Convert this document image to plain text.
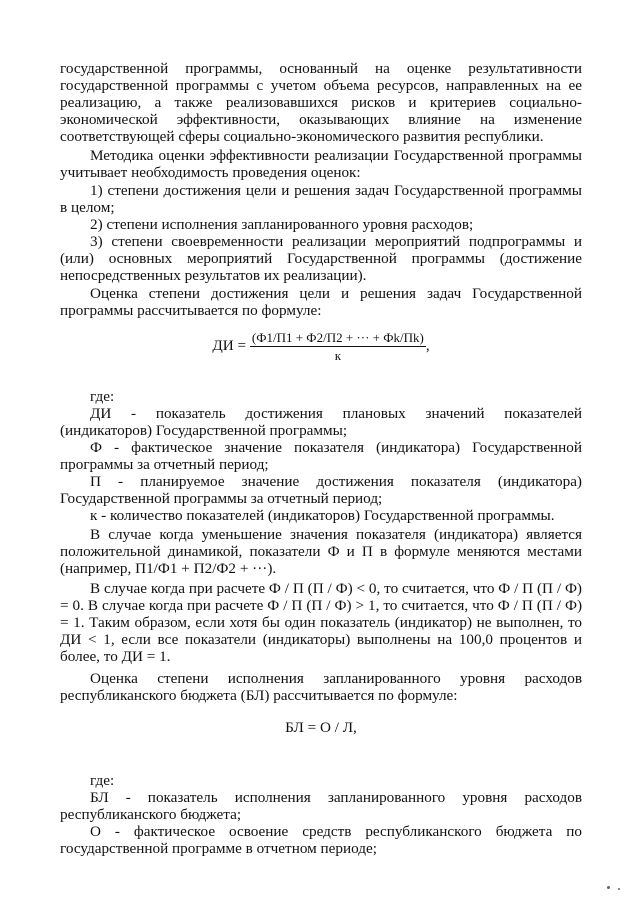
государственной программы, основанный на оценке результативности государственной программы с учетом объема ресурсов, направленных на ее реализацию, а также реализовавшихся рисков и критериев социально-экономической эффективности, оказывающих влияние на изменение соответствующей сферы социально-экономического развития республики.

Методика оценки эффективности реализации Государственной программы учитывает необходимость проведения оценок:

1) степени достижения цели и решения задач Государственной программы в целом;

2) степени исполнения запланированного уровня расходов;

3) степени своевременности реализации мероприятий подпрограммы и (или) основных мероприятий Государственной программы (достижение непосредственных результатов их реализации).

Оценка степени достижения цели и решения задач Государственной программы рассчитывается по формуле:

ДИ = $\frac{(Ф1/П1 + Ф2/П2 + \cdot\cdot\cdot + Фk/Пk)}{к}$ ,

где:

ДИ - показатель достижения плановых значений показателей (индикаторов) Государственной программы;

Ф - фактическое значение показателя (индикатора) Государственной программы за отчетный период;

П - планируемое значение достижения показателя (индикатора) Государственной программы за отчетный период;

к - количество показателей (индикаторов) Государственной программы.

В случае когда уменьшение значения показателя (индикатора) является положительной динамикой, показатели Ф и П в формуле меняются местами (например, П1/Ф1 + П2/Ф2 + ···).

В случае когда при расчете Ф / П (П / Ф) < 0, то считается, что Ф / П (П / Ф) = 0. В случае когда при расчете Ф / П (П / Ф) > 1, то считается, что Ф / П (П / Ф) = 1. Таким образом, если хотя бы один показатель (индикатор) не выполнен, то ДИ < 1, если все показатели (индикаторы) выполнены на 100,0 процентов и более, то ДИ = 1.

Оценка степени исполнения запланированного уровня расходов республиканского бюджета (БЛ) рассчитывается по формуле:

БЛ = О / Л,

где:

БЛ - показатель исполнения запланированного уровня расходов республиканского бюджета;

О - фактическое освоение средств республиканского бюджета по государственной программе в отчетном периоде;
